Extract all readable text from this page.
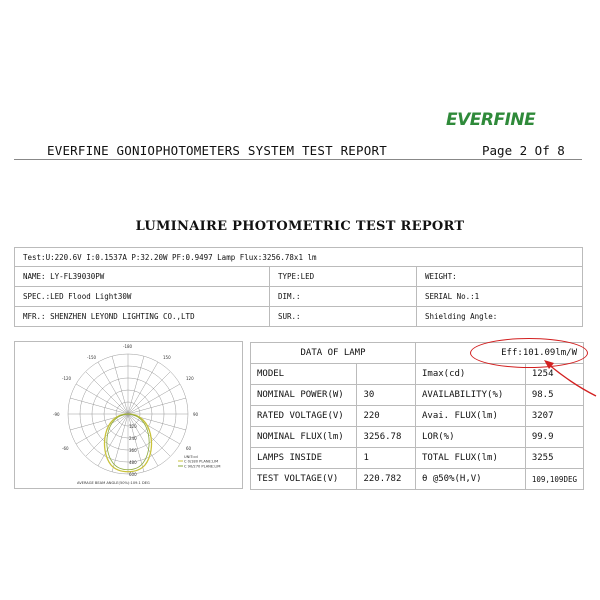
EVERFINE
EVERFINE GONIOPHOTOMETERS SYSTEM TEST REPORT	Page 2 Of 8
LUMINAIRE PHOTOMETRIC TEST REPORT
Test:U:220.6V I:0.1537A P:32.20W PF:0.9497 Lamp Flux:3256.78x1 lm		
NAME: LY-FL39030PW	TYPE:LED	WEIGHT:
SPEC.:LED Flood Light30W	DIM.:	SERIAL No.:1
MFR.: SHENZHEN LEYOND LIGHTING CO.,LTD	SUR.:	Shielding Angle:
-180
-150
-120
-90
-60
150
120
90
60
120
240
360
480
600
UNIT:cd
C 0/180 PLANE:LIM
C 90/270 PLANE:LIM
AVERAGE BEAM ANGLE(50%):109.1 DEG
DATA OF LAMP		Eff:101.09lm/W	
MODEL		Imax(cd)	1254
NOMINAL POWER(W)	30	AVAILABILITY(%)	98.5
RATED VOLTAGE(V)	220	Avai. FLUX(lm)	3207
NOMINAL FLUX(lm)	3256.78	LOR(%)	99.9
LAMPS INSIDE	1	TOTAL FLUX(lm)	3255
TEST VOLTAGE(V)	220.782	θ @50%(H,V)	109,109DEG
